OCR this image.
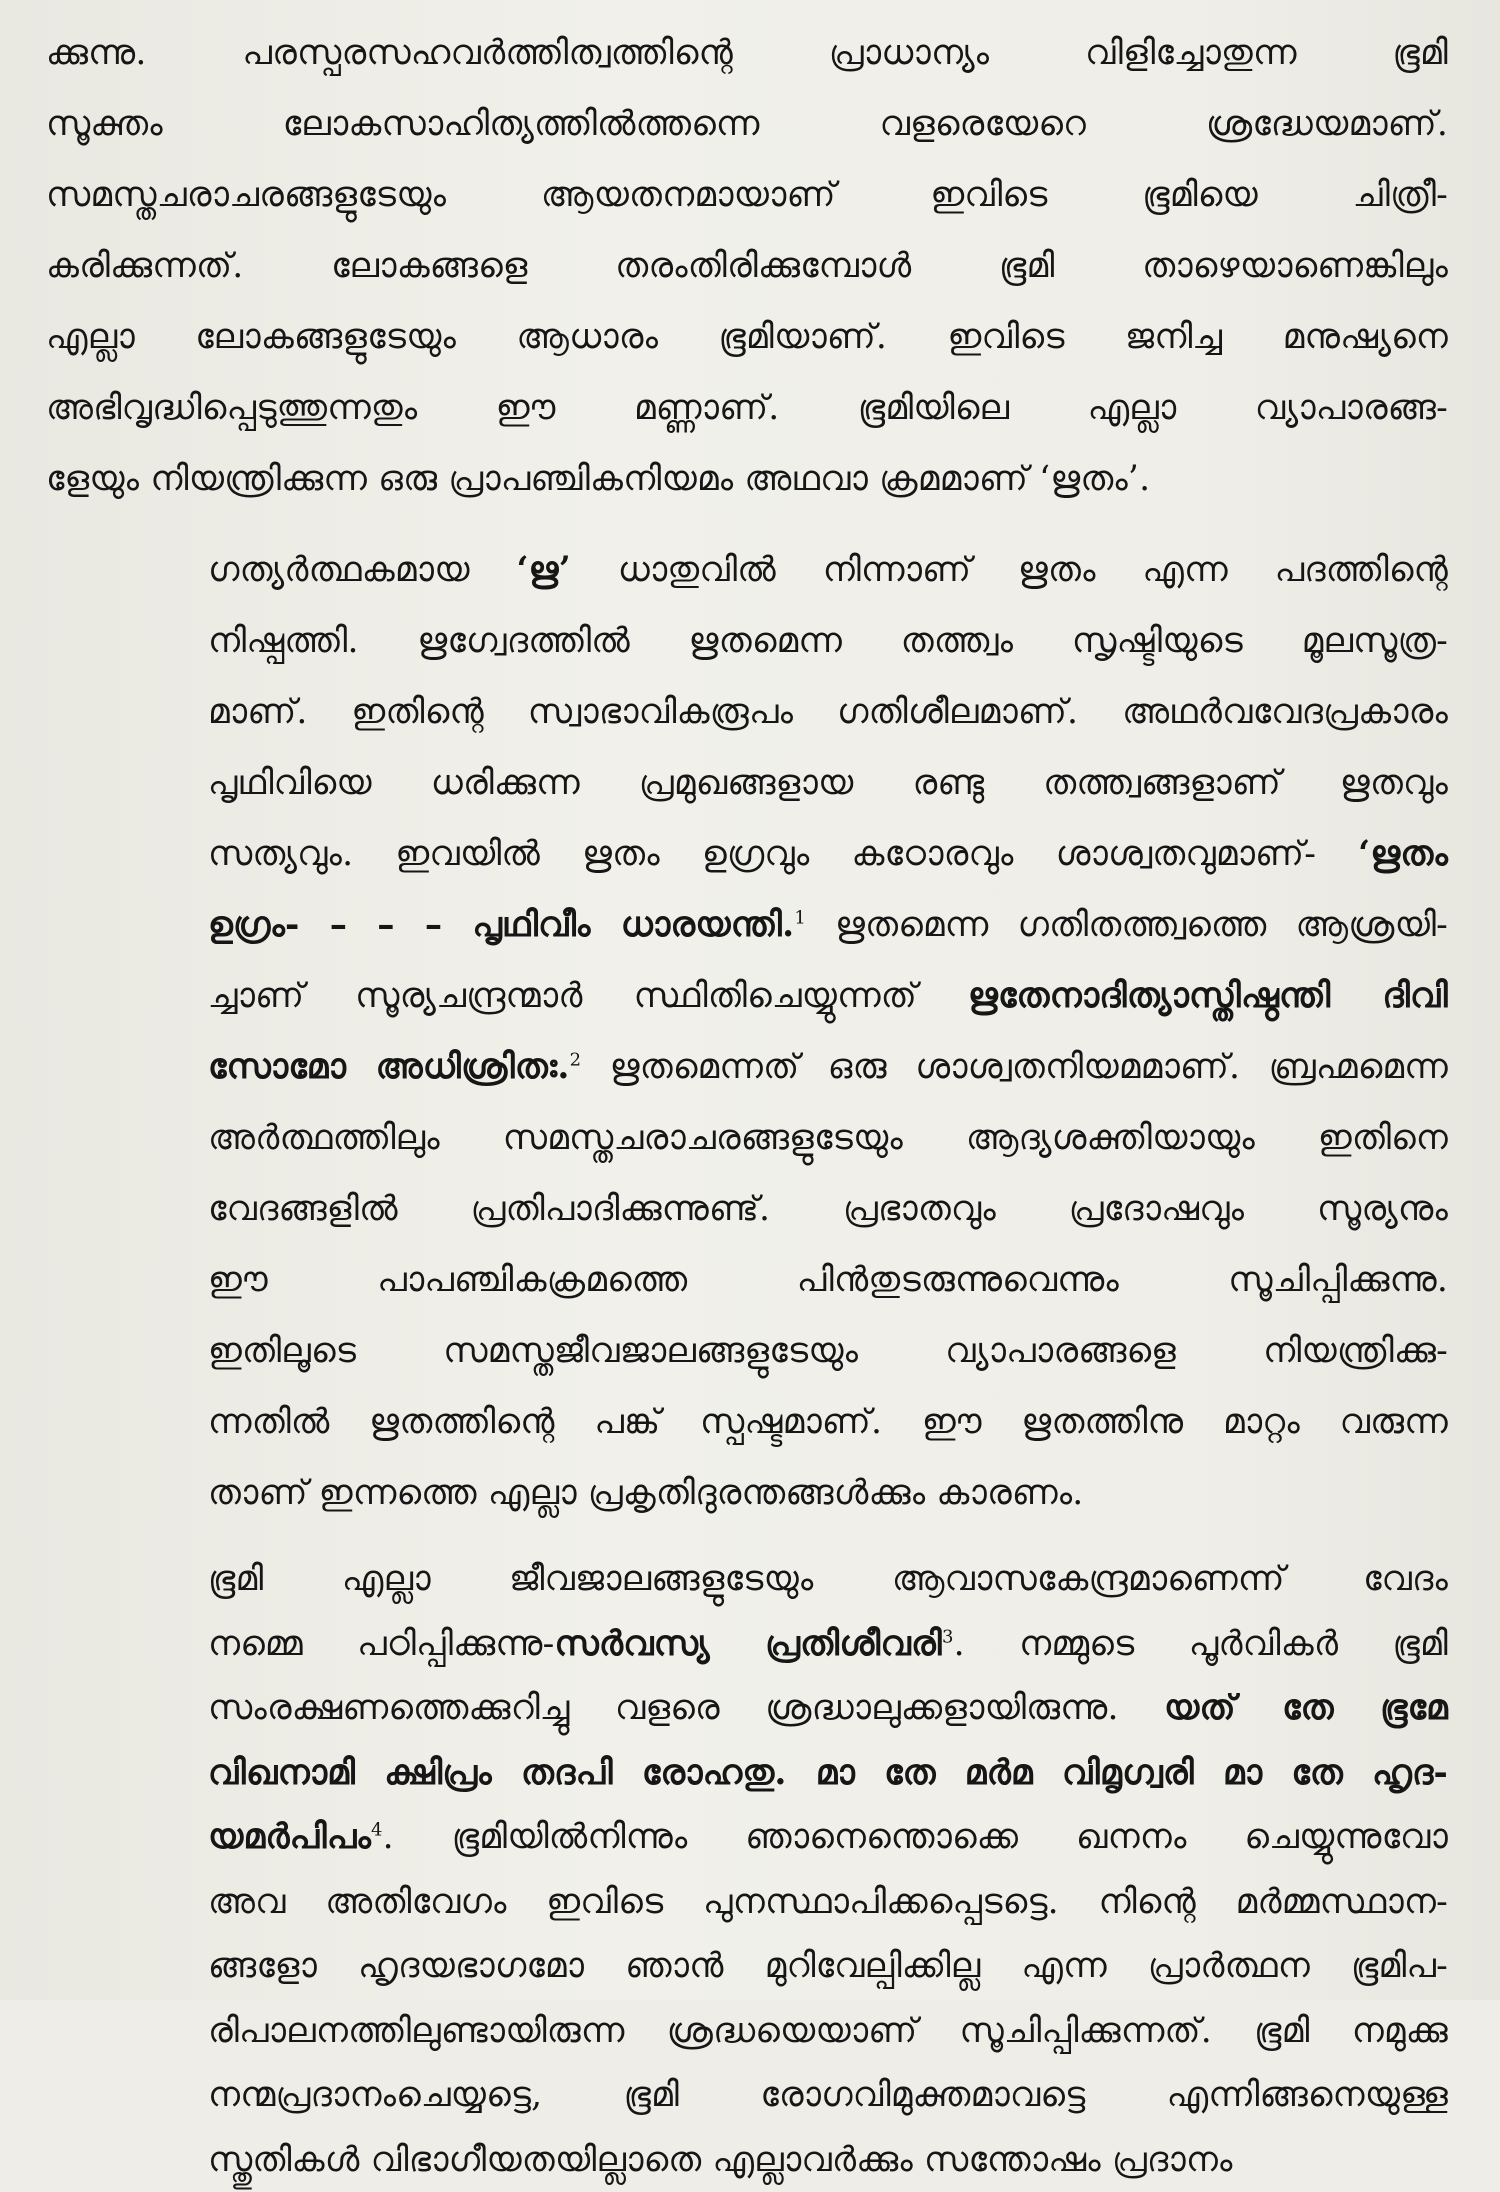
ക്കുന്നു. പരസ്പരസഹവർത്തിത്വത്തിന്റെ പ്രാധാന്യം വിളിച്ചോതുന്ന ഭൂമി
സൂക്തം ലോകസാഹിത്യത്തിൽത്തന്നെ വളരെയേറെ ശ്രദ്ധേയമാണ്.
സമസ്തചരാചരങ്ങളുടേയും ആയതനമായാണ് ഇവിടെ ഭൂമിയെ ചിത്രീ-
കരിക്കുന്നത്. ലോകങ്ങളെ തരംതിരിക്കുമ്പോൾ ഭൂമി താഴെയാണെങ്കിലും
എല്ലാ ലോകങ്ങളുടേയും ആധാരം ഭൂമിയാണ്. ഇവിടെ ജനിച്ച മനുഷ്യനെ
അഭിവൃദ്ധിപ്പെടുത്തുന്നതും ഈ മണ്ണാണ്. ഭൂമിയിലെ എല്ലാ വ്യാപാരങ്ങ-
ളേയും നിയന്ത്രിക്കുന്ന ഒരു പ്രാപഞ്ചികനിയമം അഥവാ ക്രമമാണ് ‘ഋതം’.

ഗത്യർത്ഥകമായ ‘ഋ’ ധാതുവിൽ നിന്നാണ് ഋതം എന്ന പദത്തിന്റെ
നിഷ്പത്തി. ഋഗ്വേദത്തിൽ ഋതമെന്ന തത്ത്വം സൃഷ്ടിയുടെ മൂലസൂത്ര-
മാണ്. ഇതിന്റെ സ്വാഭാവികരൂപം ഗതിശീലമാണ്. അഥർവവേദപ്രകാരം
പൃഥിവിയെ ധരിക്കുന്ന പ്രമുഖങ്ങളായ രണ്ടു തത്ത്വങ്ങളാണ് ഋതവും
സത്യവും. ഇവയിൽ ഋതം ഉഗ്രവും കഠോരവും ശാശ്വതവുമാണ്- ‘ഋതം
ഉഗ്രം- – – – പൃഥിവീം ധാരയന്തി.$^1$ ഋതമെന്ന ഗതിതത്ത്വത്തെ ആശ്രയി-
ച്ചാണ് സൂര്യചന്ദ്രന്മാർ സ്ഥിതിചെയ്യുന്നത് ഋതേനാദിത്യാസ്തിഷ്ഠന്തി ദിവി
സോമോ അധിശ്രിതഃ.$^2$ ഋതമെന്നത് ഒരു ശാശ്വതനിയമമാണ്. ബ്രഹ്മമെന്ന
അർത്ഥത്തിലും സമസ്തചരാചരങ്ങളുടേയും ആദ്യശക്തിയായും ഇതിനെ
വേദങ്ങളിൽ പ്രതിപാദിക്കുന്നുണ്ട്. പ്രഭാതവും പ്രദോഷവും സൂര്യനും
ഈ പാപഞ്ചികക്രമത്തെ പിൻതുടരുന്നുവെന്നും സൂചിപ്പിക്കുന്നു.
ഇതിലൂടെ സമസ്തജീവജാലങ്ങളുടേയും വ്യാപാരങ്ങളെ നിയന്ത്രിക്കു-
ന്നതിൽ ഋതത്തിന്റെ പങ്ക് സ്പഷ്ടമാണ്. ഈ ഋതത്തിനു മാറ്റം വരുന്ന
താണ് ഇന്നത്തെ എല്ലാ പ്രകൃതിദുരന്തങ്ങൾക്കും കാരണം.

ഭൂമി എല്ലാ ജീവജാലങ്ങളുടേയും ആവാസകേന്ദ്രമാണെന്ന് വേദം
നമ്മെ പഠിപ്പിക്കുന്നു-സർവസ്യ പ്രതിശീവരി$^3$. നമ്മുടെ പൂർവികർ ഭൂമി
സംരക്ഷണത്തെക്കുറിച്ചു വളരെ ശ്രദ്ധാലുക്കളായിരുന്നു. യത് തേ ഭൂമേ
വിഖനാമി ക്ഷിപ്രം തദപി രോഹതു. മാ തേ മർമ വിമൃഗ്വരി മാ തേ ഹൃദ-
യമർപിപം$^4$. ഭൂമിയിൽനിന്നും ഞാനെന്തൊക്കെ ഖനനം ചെയ്യുന്നുവോ
അവ അതിവേഗം ഇവിടെ പുനസ്ഥാപിക്കപ്പെടട്ടെ. നിന്റെ മർമ്മസ്ഥാന-
ങ്ങളോ ഹൃദയഭാഗമോ ഞാൻ മുറിവേല്പിക്കില്ല എന്ന പ്രാർത്ഥന ഭൂമിപ-
രിപാലനത്തിലുണ്ടായിരുന്ന ശ്രദ്ധയെയാണ് സൂചിപ്പിക്കുന്നത്. ഭൂമി നമുക്കു
നന്മപ്രദാനംചെയ്യട്ടെ, ഭൂമി രോഗവിമുക്തമാവട്ടെ എന്നിങ്ങനെയുള്ള
സ്തുതികൾ വിഭാഗീയതയില്ലാതെ എല്ലാവർക്കും സന്തോഷം പ്രദാനം
